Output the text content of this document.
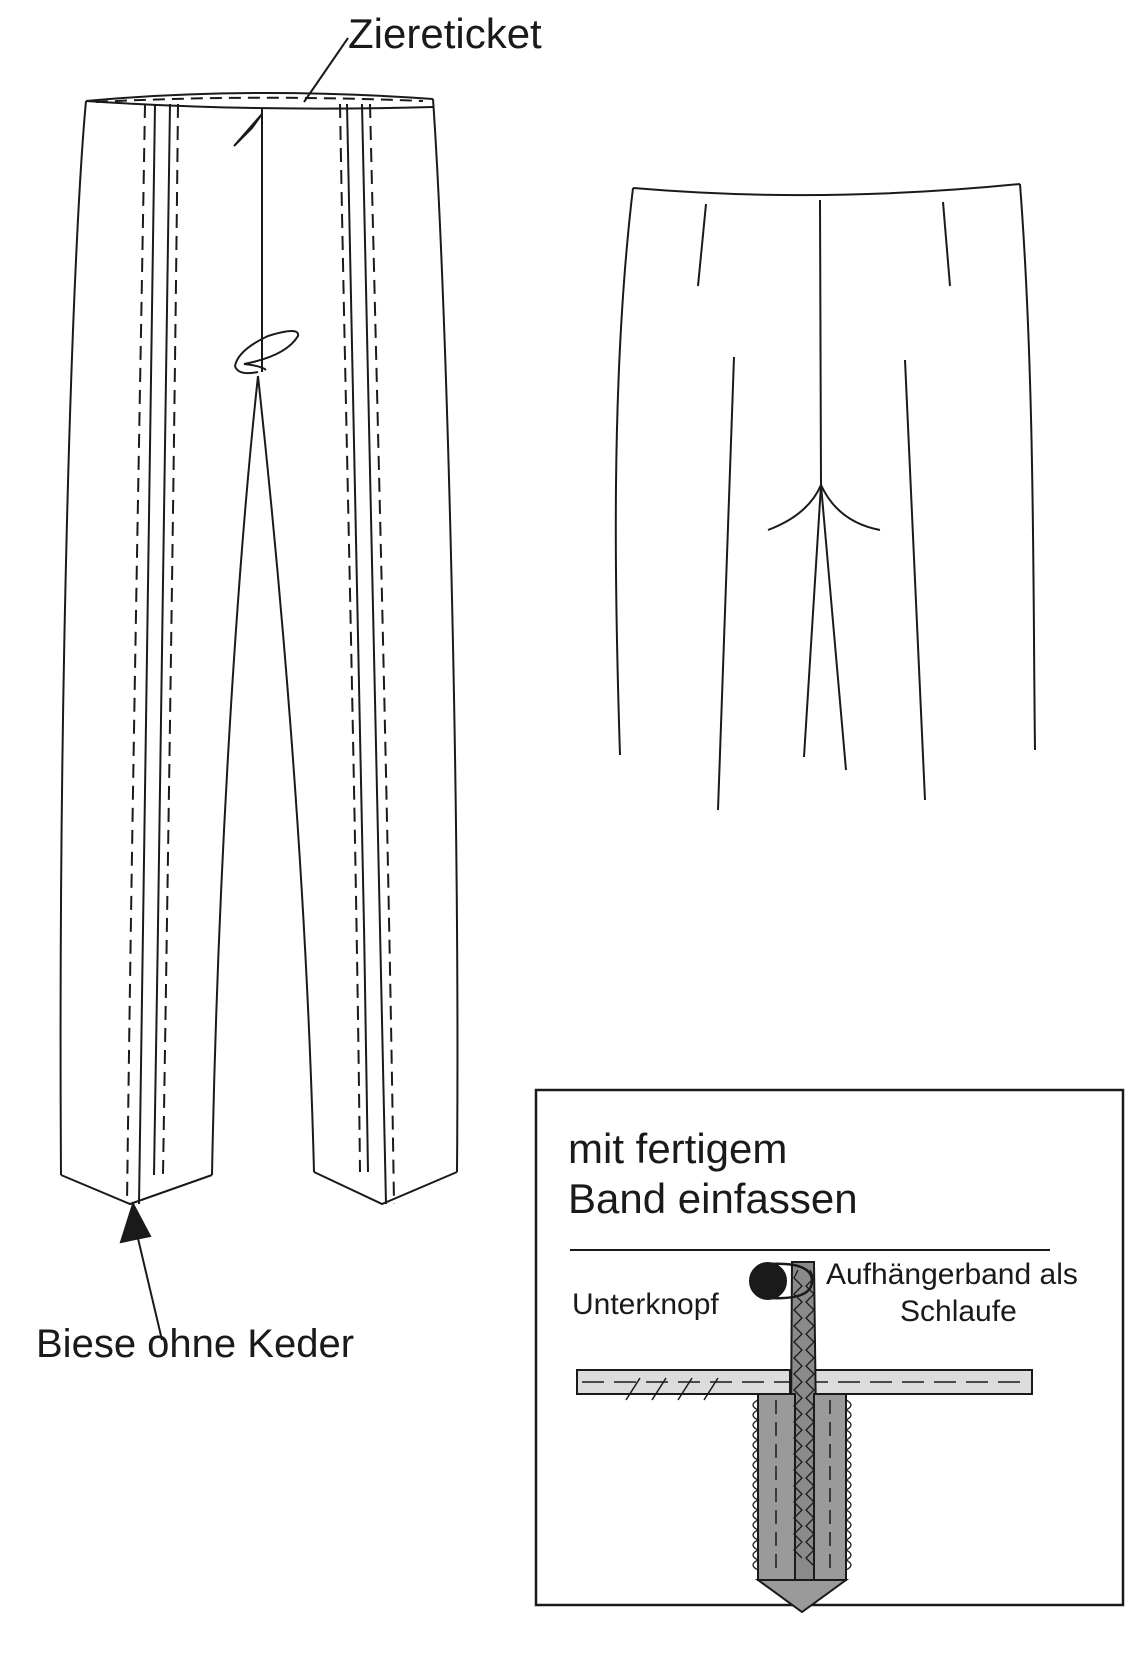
Ziereticket
Biese ohne Keder
mit fertigem
Band einfassen
Unterknopf
Aufhängerband als
Schlaufe
